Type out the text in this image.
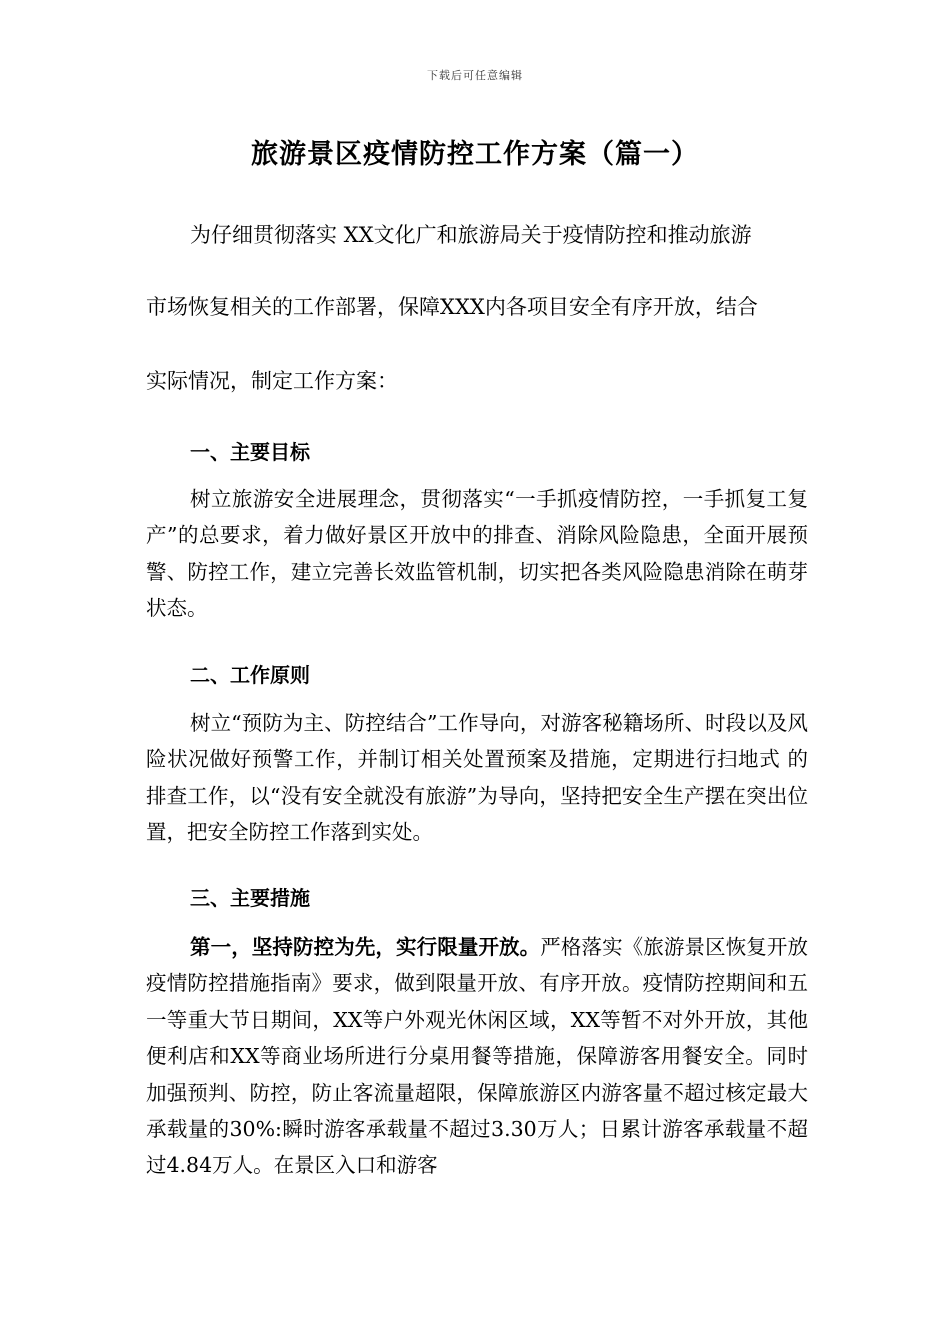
下载后可任意编辑
旅游景区疫情防控工作方案（篇一）
为仔细贯彻落实 XX文化广和旅游局关于疫情防控和推动旅游
市场恢复相关的工作部署，保障XXX内各项目安全有序开放，结合
实际情况，制定工作方案：
一、主要目标
树立旅游安全进展理念，贯彻落实“一手抓疫情防控，一手抓复工复产”的总要求，着力做好景区开放中的排查、消除风险隐患，全面开展预警、防控工作，建立完善长效监管机制，切实把各类风险隐患消除在萌芽状态。
二、工作原则
树立“预防为主、防控结合”工作导向，对游客秘籍场所、时段以及风险状况做好预警工作，并制订相关处置预案及措施，定期进行扫地式 的排查工作，以“没有安全就没有旅游”为导向，坚持把安全生产摆在突出位置，把安全防控工作落到实处。
三、主要措施
第一，坚持防控为先，实行限量开放。严格落实《旅游景区恢复开放疫情防控措施指南》要求，做到限量开放、有序开放。疫情防控期间和五一等重大节日期间，XX等户外观光休闲区域，XX等暂不对外开放，其他便利店和XX等商业场所进行分桌用餐等措施，保障游客用餐安全。同时加强预判、防控，防止客流量超限，保障旅游区内游客量不超过核定最大承载量的30%:瞬时游客承载量不超过3.30万人；日累计游客承载量不超过4.84万人。在景区入口和游客
